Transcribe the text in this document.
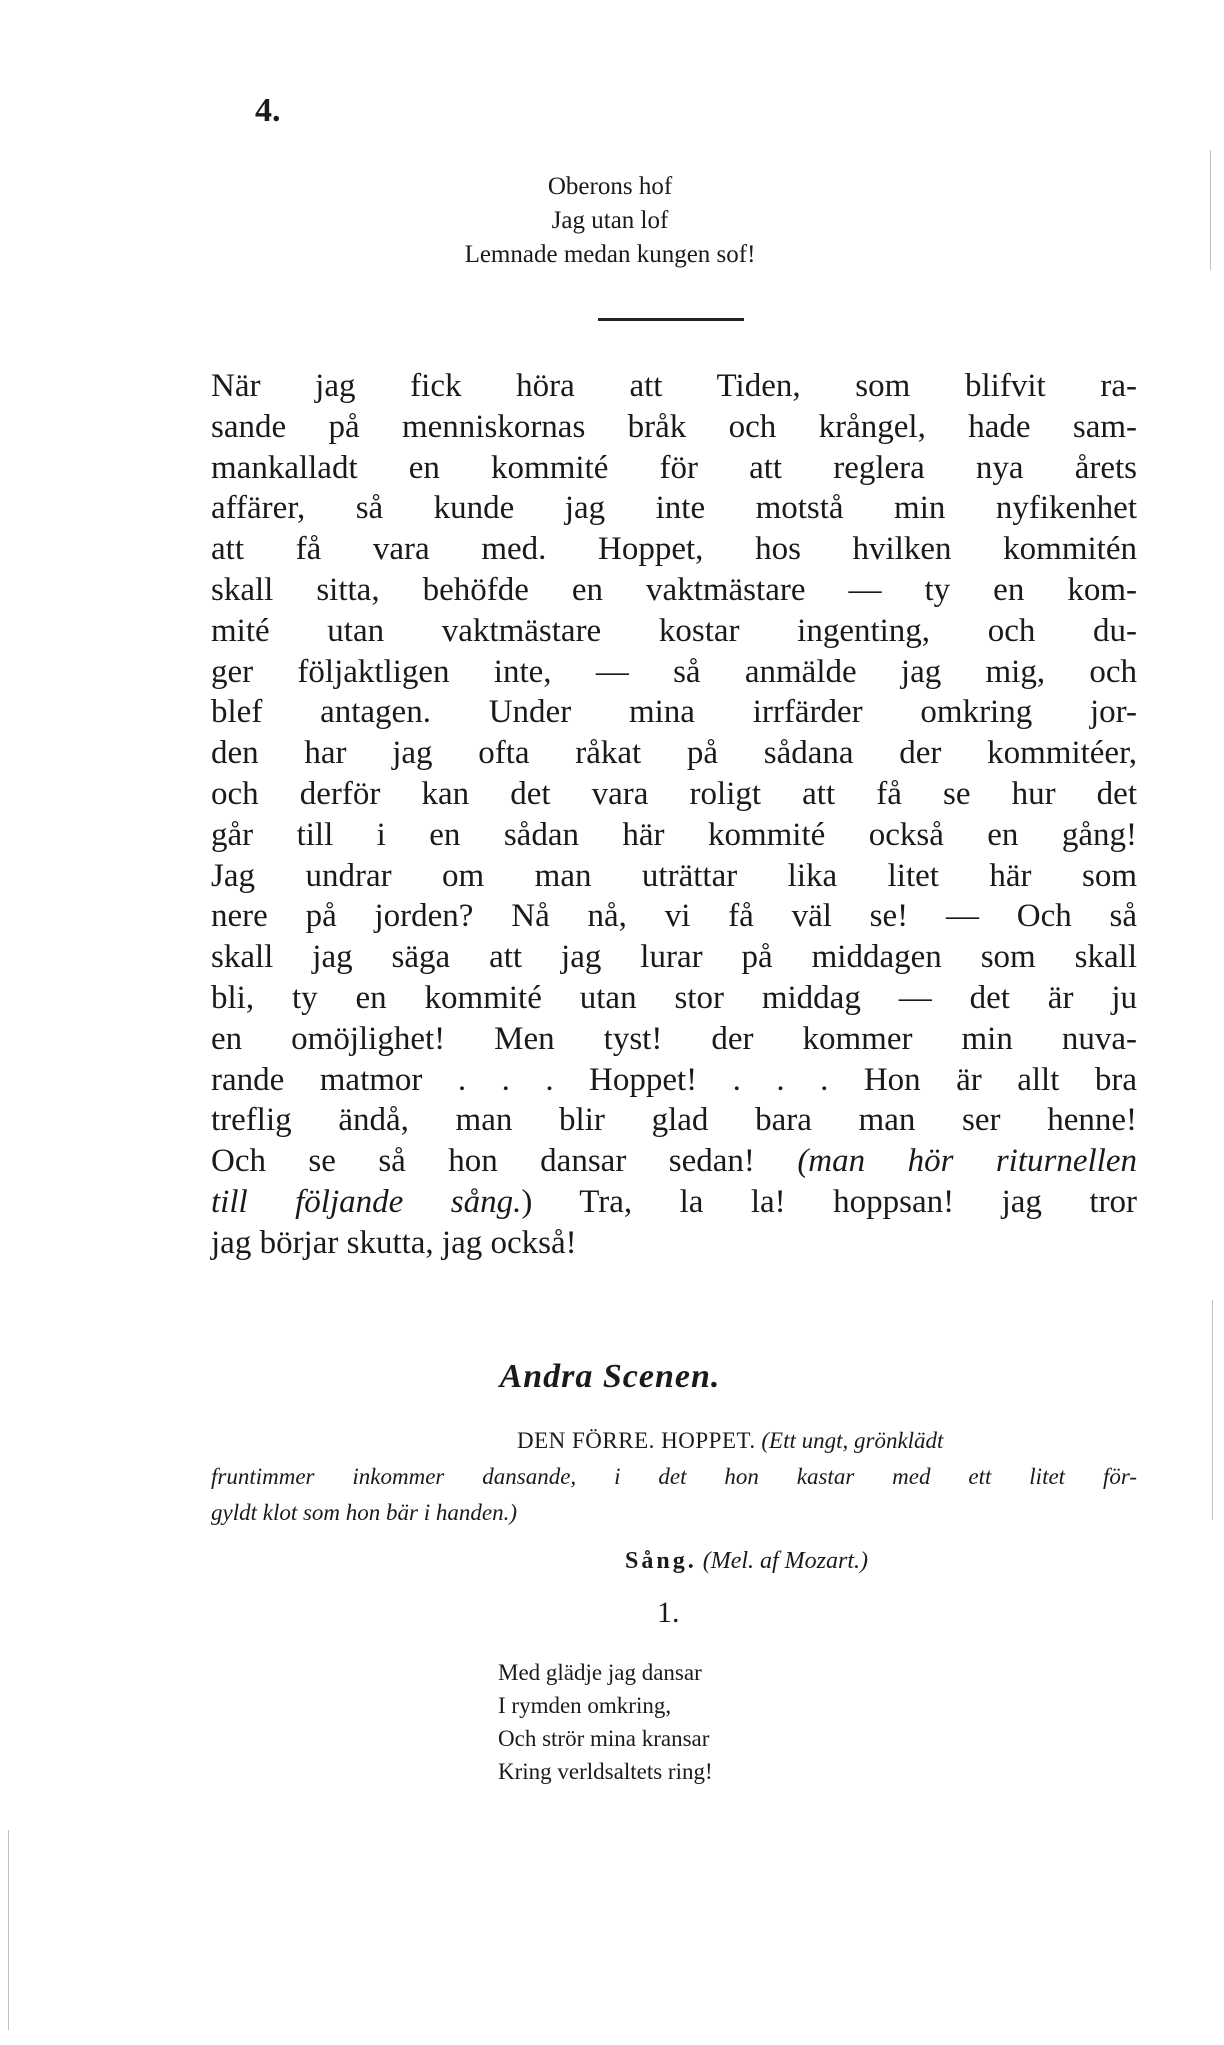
4.
Oberons hof
Jag utan lof
Lemnade medan kungen sof!
När jag fick höra att Tiden, som blifvit ra-
sande på menniskornas bråk och krångel, hade sam-
mankalladt en kommité för att reglera nya årets
affärer, så kunde jag inte motstå min nyfikenhet
att få vara med. Hoppet, hos hvilken kommitén
skall sitta, behöfde en vaktmästare — ty en kom-
mité utan vaktmästare kostar ingenting, och du-
ger följaktligen inte, — så anmälde jag mig, och
blef antagen. Under mina irrfärder omkring jor-
den har jag ofta råkat på sådana der kommitéer,
och derför kan det vara roligt att få se hur det
går till i en sådan här kommité också en gång!
Jag undrar om man uträttar lika litet här som
nere på jorden? Nå nå, vi få väl se! — Och så
skall jag säga att jag lurar på middagen som skall
bli, ty en kommité utan stor middag — det är ju
en omöjlighet! Men tyst! der kommer min nuva-
rande matmor . . . Hoppet! . . . Hon är allt bra
treflig ändå, man blir glad bara man ser henne!
Och se så hon dansar sedan! (man hör riturnellen
till följande sång.) Tra, la la! hoppsan! jag tror
jag börjar skutta, jag också!
Andra Scenen.
DEN FÖRRE. HOPPET. (Ett ungt, grönklädt
fruntimmer inkommer dansande, i det hon kastar med ett litet för-
gyldt klot som hon bär i handen.)
Sång. (Mel. af Mozart.)
1.
Med glädje jag dansar
I rymden omkring,
Och strör mina kransar
Kring verldsaltets ring!
